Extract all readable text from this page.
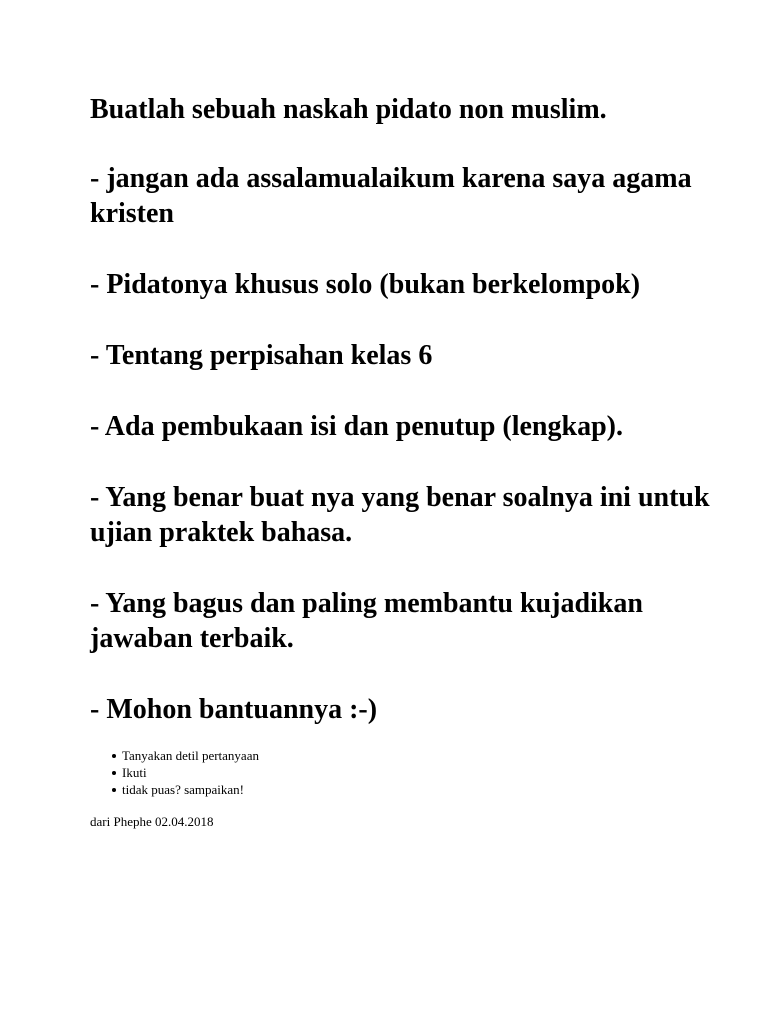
Buatlah sebuah naskah pidato non muslim.

- jangan ada assalamualaikum karena saya agama kristen

- Pidatonya khusus solo (bukan berkelompok)

- Tentang perpisahan kelas 6

- Ada pembukaan isi dan penutup (lengkap).

- Yang benar buat nya yang benar soalnya ini untuk ujian praktek bahasa.

- Yang bagus dan paling membantu kujadikan jawaban terbaik.

- Mohon bantuannya :-)

Tanyakan detil pertanyaan
Ikuti
tidak puas? sampaikan!
dari Phephe 02.04.2018
